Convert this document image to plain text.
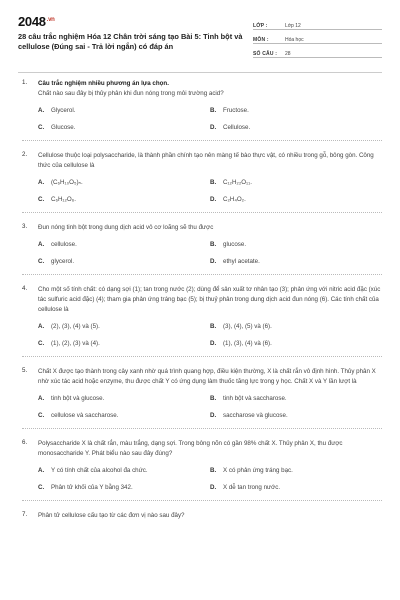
$2048^{.vn}$
28 câu trắc nghiệm Hóa 12 Chân trời sáng tạo Bài 5: Tinh bột và cellulose (Đúng sai - Trả lời ngắn) có đáp án
LỚP :	Lớp 12
MÔN :	Hóa học
SỐ CÂU :	28
1. Câu trắc nghiệm nhiều phương án lựa chọn.
Chất nào sau đây bị thủy phân khi đun nóng trong môi trường acid?
A.	Glycerol.	B.	Fructose.
C.	Glucose.	D.	Cellulose.
2. Cellulose thuộc loại polysaccharide, là thành phần chính tạo nên màng tế bào thực vật, có nhiều trong gỗ, bông gòn. Công thức của cellulose là
A.	(C₆H₁₀O₅)ₙ.	B.	C₁₂H₂₂O₁₁.
C.	C₆H₁₂O₆.	D.	C₂H₄O₂.
3. Đun nóng tinh bột trong dung dịch acid vô cơ loãng sẽ thu được
A.	cellulose.	B.	glucose.
C.	glycerol.	D.	ethyl acetate.
4. Cho một số tính chất: có dạng sợi (1); tan trong nước (2); dùng để sản xuất tơ nhân tạo (3); phản ứng với nitric acid đặc (xúc tác sulfuric acid đặc) (4); tham gia phản ứng tráng bạc (5); bị thuỷ phân trong dung dịch acid đun nóng (6). Các tính chất của cellulose là
A.	(2), (3), (4) và (5).	B.	(3), (4), (5) và (6).
C.	(1), (2), (3) và (4).	D.	(1), (3), (4) và (6).
5. Chất X được tạo thành trong cây xanh nhờ quá trình quang hợp, điều kiện thường, X là chất rắn vô định hình. Thủy phân X nhờ xúc tác acid hoặc enzyme, thu được chất Y có ứng dụng làm thuốc tăng lực trong y học. Chất X và Y lần lượt là
A.	tinh bột và glucose.	B.	tinh bột và saccharose.
C.	cellulose và saccharose.	D.	saccharose và glucose.
6. Polysaccharide X là chất rắn, màu trắng, dạng sợi. Trong bông nõn có gần 98% chất X. Thủy phân X, thu được monosaccharide Y. Phát biểu nào sau đây đúng?
A.	Y có tính chất của alcohol đa chức.	B.	X có phản ứng tráng bạc.
C.	Phân tử khối của Y bằng 342.	D.	X dễ tan trong nước.
7. Phân tử cellulose cấu tạo từ các đơn vị nào sau đây?
